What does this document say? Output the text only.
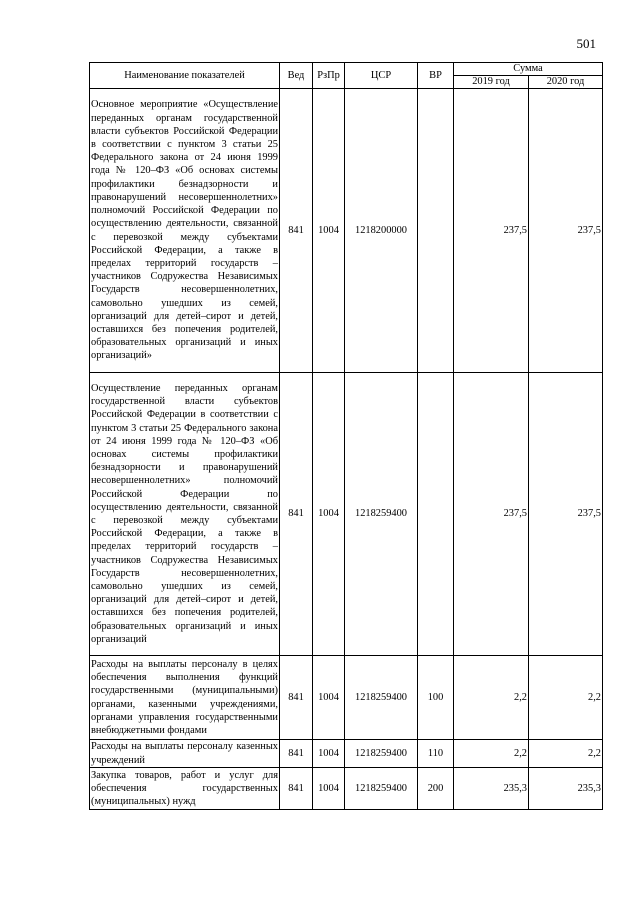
501
Наименование показателей	Вед	РзПр	ЦСР	ВР	Сумма	
					2019 год	2020 год
Основное мероприятие «Осуществление переданных органам государственной власти субъектов Российской Федерации в соответствии с пунктом 3 статьи 25 Федерального закона от 24 июня 1999 года № 120–ФЗ «Об основах системы профилактики безнадзорности и правонарушений несовершеннолетних» полномочий Российской Федерации по осуществлению деятельности, связанной с перевозкой между субъектами Российской Федерации, а также в пределах территорий государств – участников Содружества Независимых Государств несовершеннолетних, самовольно ушедших из семей, организаций для детей–сирот и детей, оставшихся без попечения родителей, образовательных организаций и иных организаций»	841	1004	1218200000		237,5	237,5
Осуществление переданных органам государственной власти субъектов Российской Федерации в соответствии с пунктом 3 статьи 25 Федерального закона от 24 июня 1999 года № 120–ФЗ «Об основах системы профилактики безнадзорности и правонарушений несовершеннолетних» полномочий Российской Федерации по осуществлению деятельности, связанной с перевозкой между субъектами Российской Федерации, а также в пределах территорий государств – участников Содружества Независимых Государств несовершеннолетних, самовольно ушедших из семей, организаций для детей–сирот и детей, оставшихся без попечения родителей, образовательных организаций и иных организаций	841	1004	1218259400		237,5	237,5
Расходы на выплаты персоналу в целях обеспечения выполнения функций государственными (муниципальными) органами, казенными учреждениями, органами управления государственными внебюджетными фондами	841	1004	1218259400	100	2,2	2,2
Расходы на выплаты персоналу казенных учреждений	841	1004	1218259400	110	2,2	2,2
Закупка товаров, работ и услуг для обеспечения государственных (муниципальных) нужд	841	1004	1218259400	200	235,3	235,3
